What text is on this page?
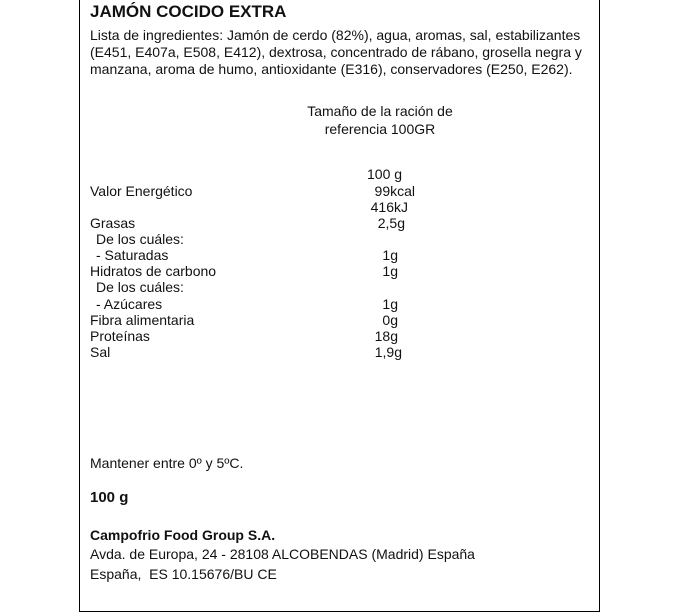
JAMÓN COCIDO EXTRA
Lista de ingredientes: Jamón de cerdo (82%), agua, aromas, sal, estabilizantes (E451, E407a, E508, E412), dextrosa, concentrado de rábano, grosella negra y manzana, aroma de humo, antioxidante (E316), conservadores (E250, E262).
Tamaño de la ración de
referencia 100GR
100 g
Valor Energético	99kcal
416kJ
Grasas	2,5g
De los cuáles:
- Saturadas	1g
Hidratos de carbono	1g
De los cuáles:
- Azúcares	1g
Fibra alimentaria	0g
Proteínas	18g
Sal	1,9g
Mantener entre 0º y 5ºC.
100 g
Campofrio Food Group S.A.
Avda. de Europa, 24 - 28108 ALCOBENDAS (Madrid) España
España,  ES 10.15676/BU CE
